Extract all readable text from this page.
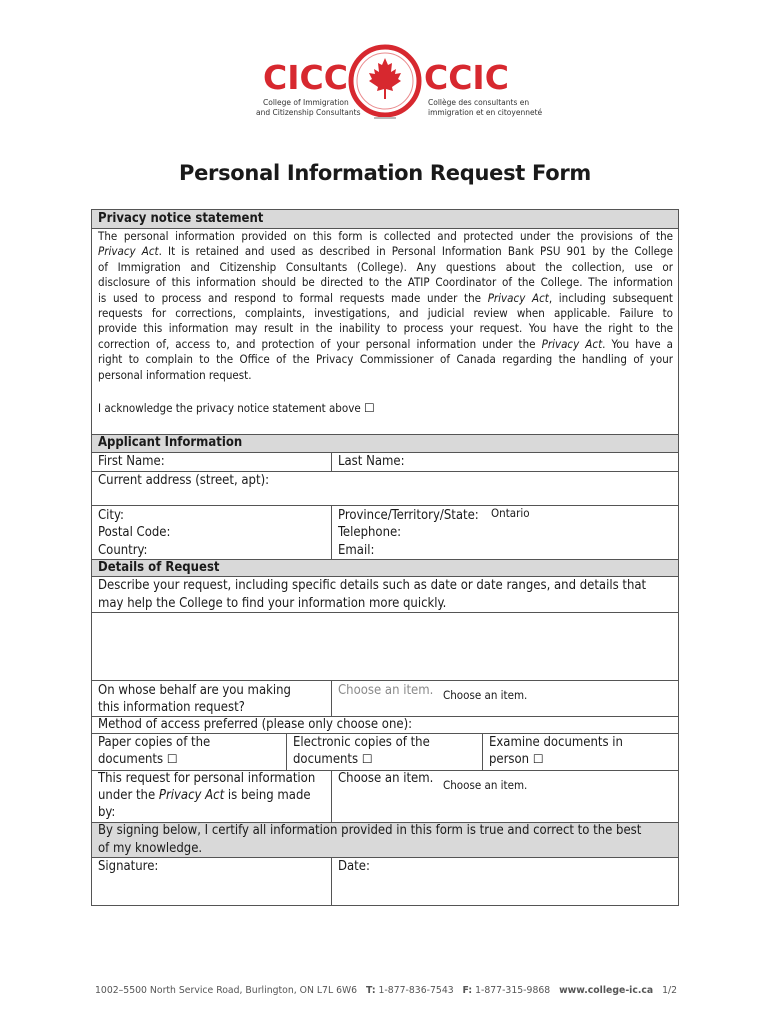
CICC CCIC
College of Immigration
and Citizenship Consultants
Collège des consultants en
immigration et en citoyenneté
Personal Information Request Form
Privacy notice statement
The personal information provided on this form is collected and protected under the provisions of the
Privacy Act. It is retained and used as described in Personal Information Bank PSU 901 by the College
of Immigration and Citizenship Consultants (College). Any questions about the collection, use or
disclosure of this information should be directed to the ATIP Coordinator of the College. The information
is used to process and respond to formal requests made under the Privacy Act, including subsequent
requests for corrections, complaints, investigations, and judicial review when applicable. Failure to
provide this information may result in the inability to process your request. You have the right to the
correction of, access to, and protection of your personal information under the Privacy Act. You have a
right to complain to the Office of the Privacy Commissioner of Canada regarding the handling of your
personal information request.
I acknowledge the privacy notice statement above ☐
Applicant Information
First Name:	Last Name:
Current address (street, apt):
City:	Province/Territory/State: Ontario
Postal Code:	Telephone:
Country:	Email:
Details of Request
Describe your request, including specific details such as date or date ranges, and details that
may help the College to find your information more quickly.
On whose behalf are you making
this information request?
Choose an item. Choose an item.
Method of access preferred (please only choose one):
Paper copies of the
documents ☐
Electronic copies of the
documents ☐
Examine documents in
person ☐
This request for personal information
under the Privacy Act is being made
by:
Choose an item. Choose an item.
By signing below, I certify all information provided in this form is true and correct to the best
of my knowledge.
Signature:	Date:
1002–5500 North Service Road, Burlington, ON L7L 6W6 T: 1-877-836-7543 F: 1-877-315-9868 www.college-ic.ca 1/2
